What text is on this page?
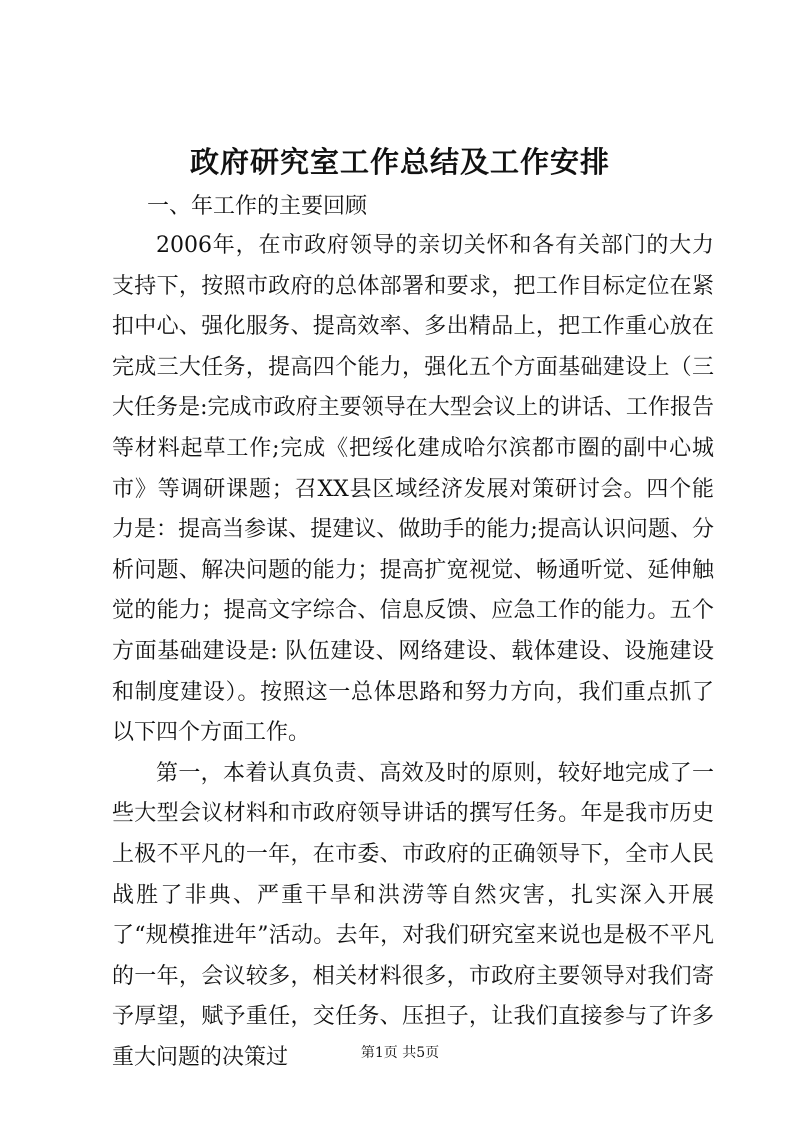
政府研究室工作总结及工作安排

一、年工作的主要回顾

2006年，在市政府领导的亲切关怀和各有关部门的大力支持下，按照市政府的总体部署和要求，把工作目标定位在紧扣中心、强化服务、提高效率、多出精品上，把工作重心放在完成三大任务，提高四个能力，强化五个方面基础建设上（三大任务是:完成市政府主要领导在大型会议上的讲话、工作报告等材料起草工作;完成《把绥化建成哈尔滨都市圈的副中心城市》等调研课题；召XX县区域经济发展对策研讨会。四个能力是：提高当参谋、提建议、做助手的能力;提高认识问题、分析问题、解决问题的能力；提高扩宽视觉、畅通听觉、延伸触觉的能力；提高文字综合、信息反馈、应急工作的能力。五个方面基础建设是: 队伍建设、网络建设、载体建设、设施建设和制度建设）。按照这一总体思路和努力方向，我们重点抓了以下四个方面工作。

第一，本着认真负责、高效及时的原则，较好地完成了一些大型会议材料和市政府领导讲话的撰写任务。年是我市历史上极不平凡的一年，在市委、市政府的正确领导下，全市人民战胜了非典、严重干旱和洪涝等自然灾害，扎实深入开展了“规模推进年”活动。去年，对我们研究室来说也是极不平凡的一年，会议较多，相关材料很多，市政府主要领导对我们寄予厚望，赋予重任，交任务、压担子，让我们直接参与了许多重大问题的决策过	第1页 共5页
